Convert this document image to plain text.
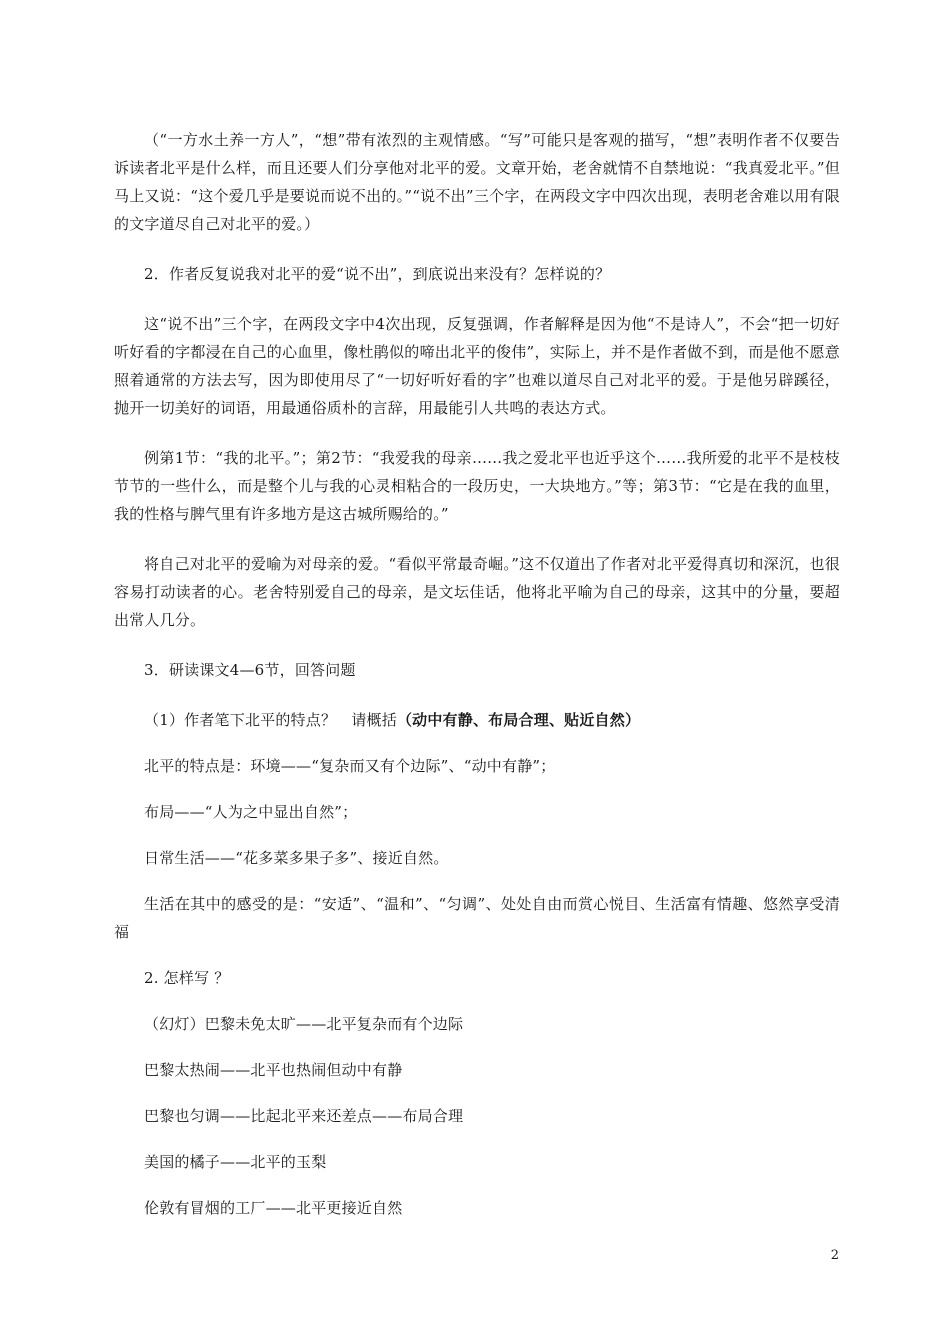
（“一方水土养一方人”，“想”带有浓烈的主观情感。“写”可能只是客观的描写，“想”表明作者不仅要告诉读者北平是什么样，而且还要人们分享他对北平的爱。文章开始，老舍就情不自禁地说：“我真爱北平。”但马上又说：“这个爱几乎是要说而说不出的。”“说不出”三个字，在两段文字中四次出现，表明老舍难以用有限的文字道尽自己对北平的爱。）

2．作者反复说我对北平的爱“说不出”，到底说出来没有？怎样说的？

这“说不出”三个字，在两段文字中4次出现，反复强调，作者解释是因为他“不是诗人”，不会“把一切好听好看的字都浸在自己的心血里，像杜鹃似的啼出北平的俊伟”，实际上，并不是作者做不到，而是他不愿意照着通常的方法去写，因为即使用尽了“一切好听好看的字”也难以道尽自己对北平的爱。于是他另辟蹊径，抛开一切美好的词语，用最通俗质朴的言辞，用最能引人共鸣的表达方式。

例第1节：“我的北平。”；第2节：“我爱我的母亲……我之爱北平也近乎这个……我所爱的北平不是枝枝节节的一些什么，而是整个儿与我的心灵相粘合的一段历史，一大块地方。”等；第3节：“它是在我的血里，我的性格与脾气里有许多地方是这古城所赐给的。”

将自己对北平的爱喻为对母亲的爱。“看似平常最奇崛。”这不仅道出了作者对北平爱得真切和深沉，也很容易打动读者的心。老舍特别爱自己的母亲，是文坛佳话，他将北平喻为自己的母亲，这其中的分量，要超出常人几分。

3．研读课文4—6节，回答问题

（1）作者笔下北平的特点？　请概括（动中有静、布局合理、贴近自然）

北平的特点是：环境——“复杂而又有个边际”、“动中有静”；

布局——“人为之中显出自然”；

日常生活——“花多菜多果子多”、接近自然。

生活在其中的感受的是：“安适”、“温和”、“匀调”、处处自由而赏心悦目、生活富有情趣、悠然享受清福

2. 怎样写 ？

（幻灯）巴黎未免太旷——北平复杂而有个边际

巴黎太热闹——北平也热闹但动中有静

巴黎也匀调——比起北平来还差点——布局合理

美国的橘子——北平的玉梨

伦敦有冒烟的工厂——北平更接近自然

2
